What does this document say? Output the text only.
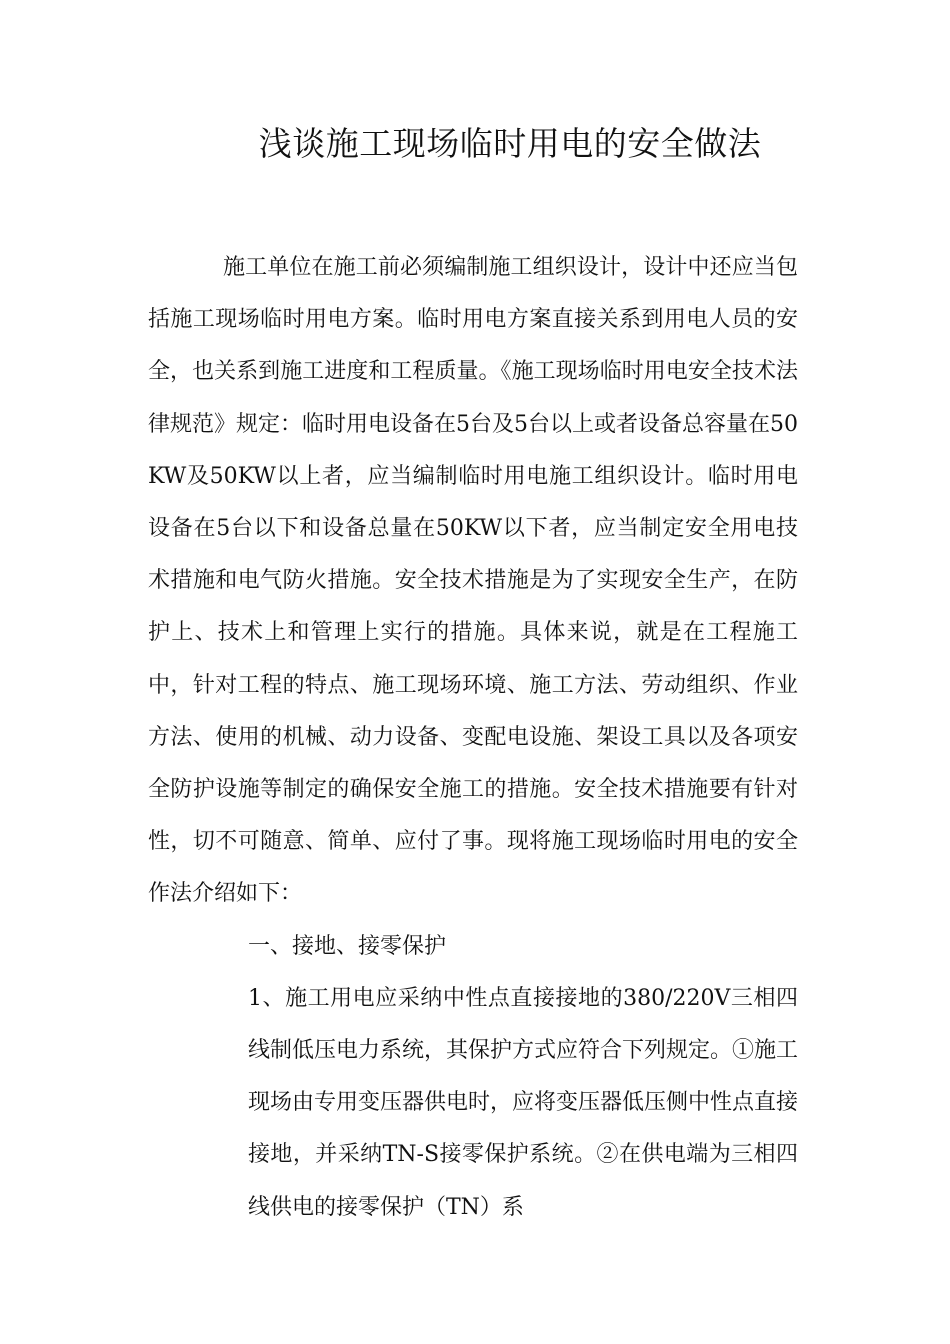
浅谈施工现场临时用电的安全做法

施工单位在施工前必须编制施工组织设计，设计中还应当包括施工现场临时用电方案。临时用电方案直接关系到用电人员的安全，也关系到施工进度和工程质量。《施工现场临时用电安全技术法律规范》规定：临时用电设备在5台及5台以上或者设备总容量在50KW及50KW以上者，应当编制临时用电施工组织设计。临时用电设备在5台以下和设备总量在50KW以下者，应当制定安全用电技术措施和电气防火措施。安全技术措施是为了实现安全生产，在防护上、技术上和管理上实行的措施。具体来说，就是在工程施工中，针对工程的特点、施工现场环境、施工方法、劳动组织、作业方法、使用的机械、动力设备、变配电设施、架设工具以及各项安全防护设施等制定的确保安全施工的措施。安全技术措施要有针对性，切不可随意、简单、应付了事。现将施工现场临时用电的安全作法介绍如下：

一、接地、接零保护

1、施工用电应采纳中性点直接接地的380/220V三相四线制低压电力系统，其保护方式应符合下列规定。①施工现场由专用变压器供电时，应将变压器低压侧中性点直接接地，并采纳TN-S接零保护系统。②在供电端为三相四线供电的接零保护（TN）系
